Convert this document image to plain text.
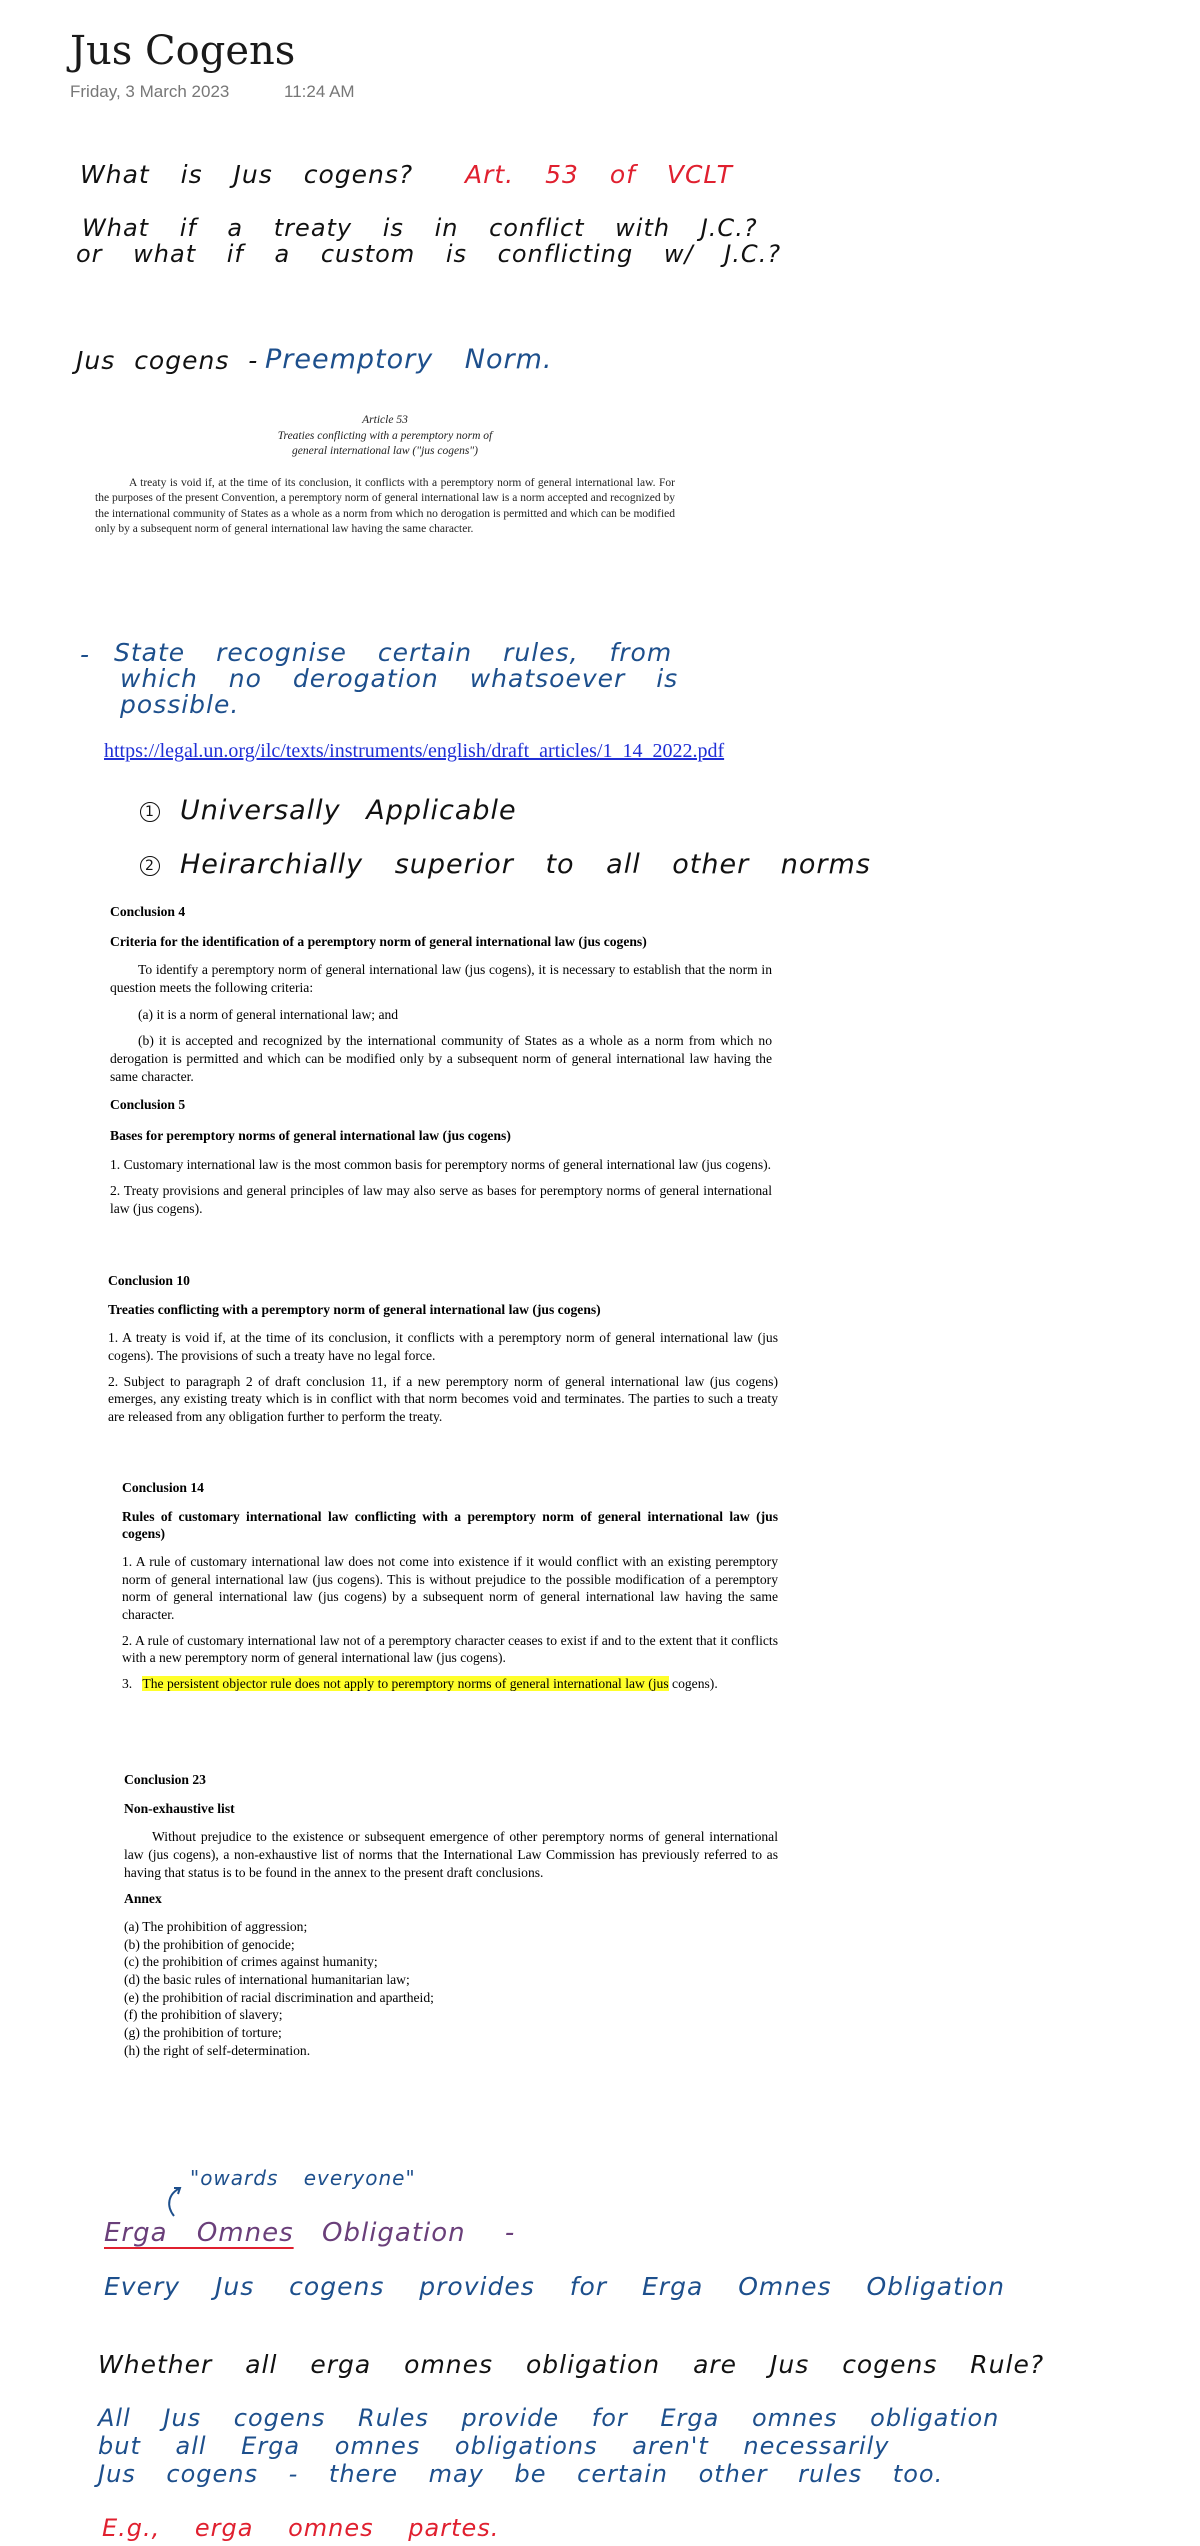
Jus Cogens
Friday, 3 March 2023	11:24 AM
What is Jus cogens? Art. 53 of VCLT
What if a treaty is in conflict with J.C.?
or what if a custom is conflicting w/ J.C.?
Jus cogens - Preemptory Norm.
Article 53
Treaties conflicting with a peremptory norm of
general international law ("jus cogens")
A treaty is void if, at the time of its conclusion, it conflicts with a peremptory norm of general international law. For the purposes of the present Convention, a peremptory norm of general international law is a norm accepted and recognized by the international community of States as a whole as a norm from which no derogation is permitted and which can be modified only by a subsequent norm of general international law having the same character.
- State recognise certain rules, from
which no derogation whatsoever is
possible.
https://legal.un.org/ilc/texts/instruments/english/draft_articles/1_14_2022.pdf
1 Universally Applicable
2 Heirarchially superior to all other norms

Conclusion 4

Criteria for the identification of a peremptory norm of general international law (jus cogens)

To identify a peremptory norm of general international law (jus cogens), it is necessary to establish that the norm in question meets the following criteria:

(a) it is a norm of general international law; and

(b) it is accepted and recognized by the international community of States as a whole as a norm from which no derogation is permitted and which can be modified only by a subsequent norm of general international law having the same character.

Conclusion 5

Bases for peremptory norms of general international law (jus cogens)

1. Customary international law is the most common basis for peremptory norms of general international law (jus cogens).

2. Treaty provisions and general principles of law may also serve as bases for peremptory norms of general international law (jus cogens).

Conclusion 10

Treaties conflicting with a peremptory norm of general international law (jus cogens)

1. A treaty is void if, at the time of its conclusion, it conflicts with a peremptory norm of general international law (jus cogens). The provisions of such a treaty have no legal force.

2. Subject to paragraph 2 of draft conclusion 11, if a new peremptory norm of general international law (jus cogens) emerges, any existing treaty which is in conflict with that norm becomes void and terminates. The parties to such a treaty are released from any obligation further to perform the treaty.

Conclusion 14

Rules of customary international law conflicting with a peremptory norm of general international law (jus cogens)

1. A rule of customary international law does not come into existence if it would conflict with an existing peremptory norm of general international law (jus cogens). This is without prejudice to the possible modification of a peremptory norm of general international law (jus cogens) by a subsequent norm of general international law having the same character.

2. A rule of customary international law not of a peremptory character ceases to exist if and to the extent that it conflicts with a new peremptory norm of general international law (jus cogens).

3. The persistent objector rule does not apply to peremptory norms of general international law (jus cogens).

Conclusion 23

Non-exhaustive list

Without prejudice to the existence or subsequent emergence of other peremptory norms of general international law (jus cogens), a non-exhaustive list of norms that the International Law Commission has previously referred to as having that status is to be found in the annex to the present draft conclusions.

Annex

(a) The prohibition of aggression;

(b) the prohibition of genocide;

(c) the prohibition of crimes against humanity;

(d) the basic rules of international humanitarian law;

(e) the prohibition of racial discrimination and apartheid;

(f) the prohibition of slavery;

(g) the prohibition of torture;

(h) the right of self-determination.

"owards everyone"
Erga Omnes Obligation -
Every Jus cogens provides for Erga Omnes Obligation
Whether all erga omnes obligation are Jus cogens Rule?
All Jus cogens Rules provide for Erga omnes obligation
but all Erga omnes obligations aren't necessarily
Jus cogens - there may be certain other rules too.
E.g., erga omnes partes.
